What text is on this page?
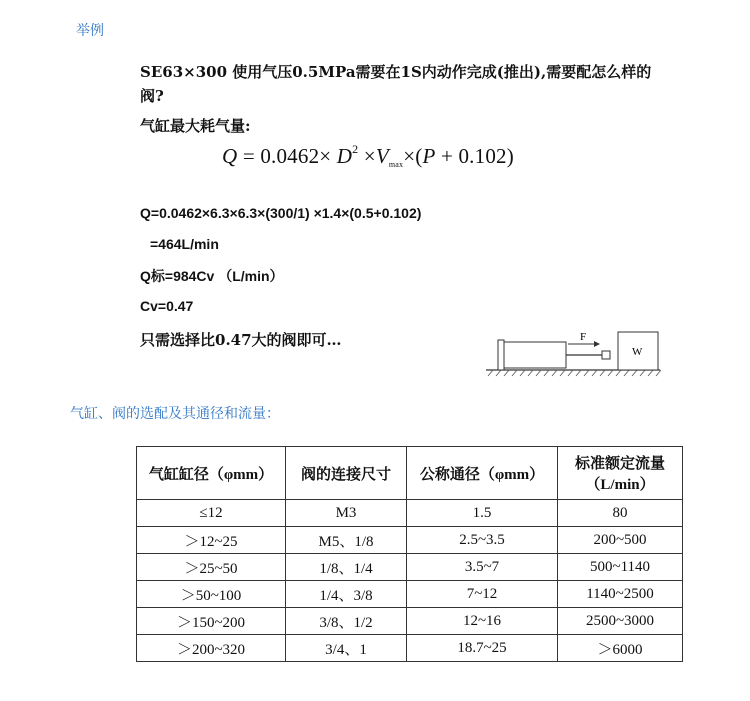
举例

SE63×300 使用气压0.5MPa需要在1S内动作完成(推出),需要配怎么样的

阀?

气缸最大耗气量:
$Q = 0.0462\times D^2 \times Vmax\times(P + 0.102)$
Q=0.0462×6.3×6.3×(300/1) ×1.4×(0.5+0.102)
=464L/min
Q标=984Cv （L/min）
Cv=0.47
只需选择比0.47大的阀即可…	F
W
气缸、阀的选配及其通径和流量：
气缸缸径（φmm）	阀的连接尺寸	公称通径（φmm）	标准额定流量
（L/min）

≤12	M3	1.5	80
＞12~25	M5、1/8	2.5~3.5	200~500
＞25~50	1/8、1/4	3.5~7	500~1140
＞50~100	1/4、3/8	7~12	1140~2500
＞150~200	3/8、1/2	12~16	2500~3000
＞200~320	3/4、1	18.7~25	＞6000
